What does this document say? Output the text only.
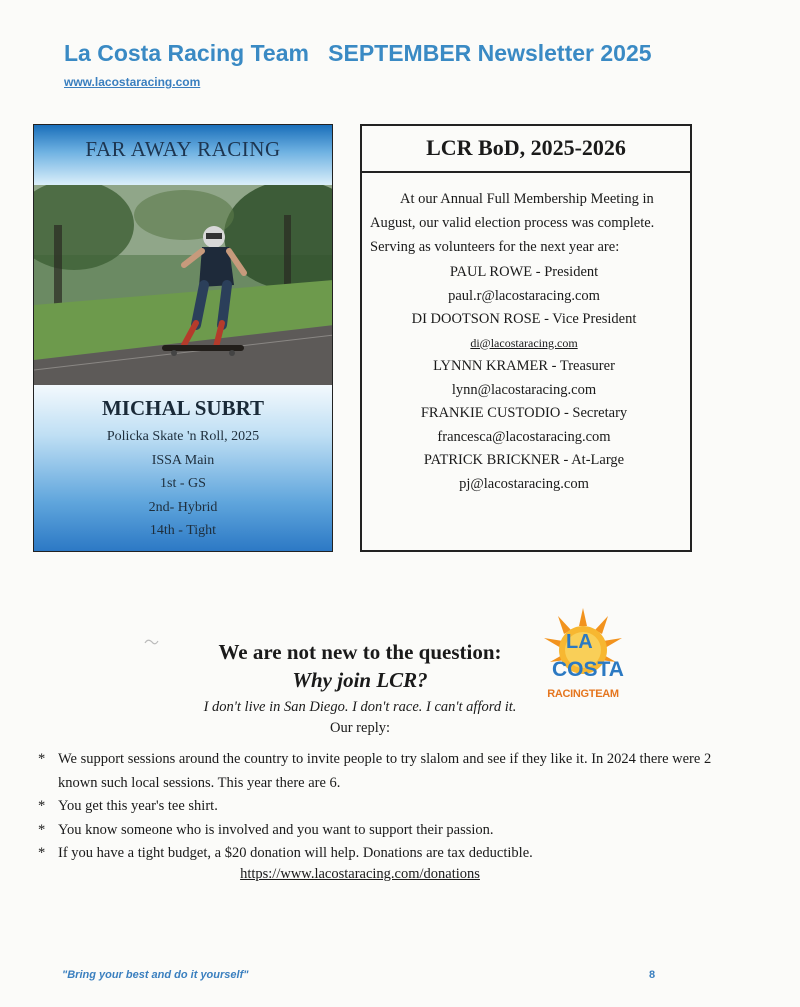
La Costa Racing Team   SEPTEMBER Newsletter 2025
www.lacostaracing.com
FAR AWAY RACING
MICHAL SUBRT
Policka Skate 'n Roll, 2025
ISSA Main
1st - GS
2nd- Hybrid
14th - Tight
LCR BoD, 2025-2026
At our Annual Full Membership Meeting in August, our valid election process was complete. Serving as volunteers for the next year are:
PAUL ROWE - President
paul.r@lacostaracing.com
DI DOOTSON ROSE - Vice President
di@lacostaracing.com
LYNNN KRAMER - Treasurer
lynn@lacostaracing.com
FRANKIE CUSTODIO - Secretary
francesca@lacostaracing.com
PATRICK BRICKNER - At-Large
pj@lacostaracing.com
LA
COSTA
RACINGTEAM
We are not new to the question:
Why join LCR?
I don't live in San Diego. I don't race. I can't afford it.
Our reply:
* We support sessions around the country to invite people to try slalom and see if they like it. In 2024 there were 2 known such local sessions. This year there are 6.
* You get this year's tee shirt.
* You know someone who is involved and you want to support their passion.
* If you have a tight budget, a $20 donation will help. Donations are tax deductible.
https://www.lacostaracing.com/donations
"Bring your best and do it yourself"	8
